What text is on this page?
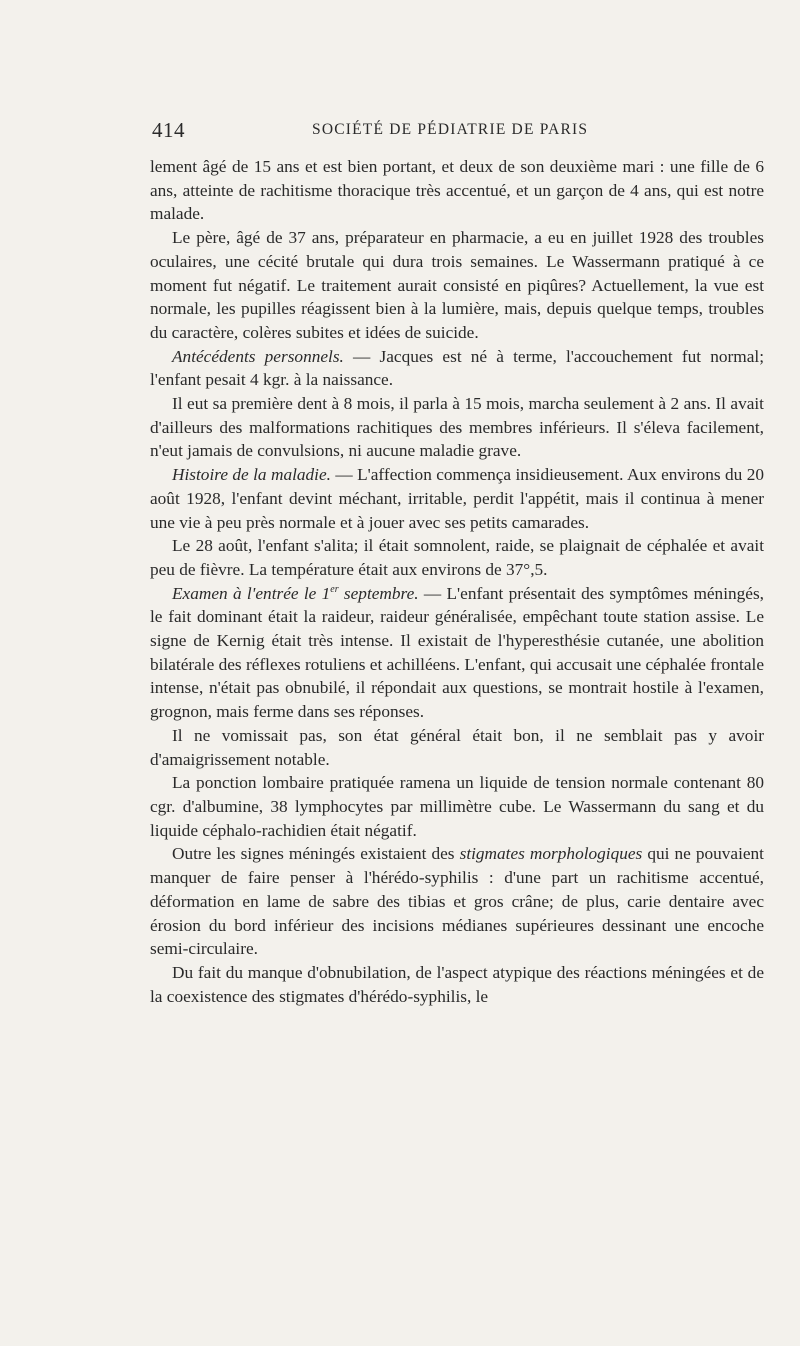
414	SOCIÉTÉ DE PÉDIATRIE DE PARIS

lement âgé de 15 ans et est bien portant, et deux de son deuxième mari : une fille de 6 ans, atteinte de rachitisme thoracique très accentué, et un garçon de 4 ans, qui est notre malade.

Le père, âgé de 37 ans, préparateur en pharmacie, a eu en juillet 1928 des troubles oculaires, une cécité brutale qui dura trois semaines. Le Wassermann pratiqué à ce moment fut négatif. Le traitement aurait consisté en piqûres? Actuellement, la vue est normale, les pupilles réagissent bien à la lumière, mais, depuis quelque temps, troubles du caractère, colères subites et idées de suicide.

Antécédents personnels. — Jacques est né à terme, l'accouchement fut normal; l'enfant pesait 4 kgr. à la naissance.

Il eut sa première dent à 8 mois, il parla à 15 mois, marcha seulement à 2 ans. Il avait d'ailleurs des malformations rachitiques des membres inférieurs. Il s'éleva facilement, n'eut jamais de convulsions, ni aucune maladie grave.

Histoire de la maladie. — L'affection commença insidieusement. Aux environs du 20 août 1928, l'enfant devint méchant, irritable, perdit l'appétit, mais il continua à mener une vie à peu près normale et à jouer avec ses petits camarades.

Le 28 août, l'enfant s'alita; il était somnolent, raide, se plaignait de céphalée et avait peu de fièvre. La température était aux environs de 37°,5.

Examen à l'entrée le 1er septembre. — L'enfant présentait des symptômes méningés, le fait dominant était la raideur, raideur généralisée, empêchant toute station assise. Le signe de Kernig était très intense. Il existait de l'hyperesthésie cutanée, une abolition bilatérale des réflexes rotuliens et achilléens. L'enfant, qui accusait une céphalée frontale intense, n'était pas obnubilé, il répondait aux questions, se montrait hostile à l'examen, grognon, mais ferme dans ses réponses.

Il ne vomissait pas, son état général était bon, il ne semblait pas y avoir d'amaigrissement notable.

La ponction lombaire pratiquée ramena un liquide de tension normale contenant 80 cgr. d'albumine, 38 lymphocytes par millimètre cube. Le Wassermann du sang et du liquide céphalo-rachidien était négatif.

Outre les signes méningés existaient des stigmates morphologiques qui ne pouvaient manquer de faire penser à l'hérédo-syphilis : d'une part un rachitisme accentué, déformation en lame de sabre des tibias et gros crâne; de plus, carie dentaire avec érosion du bord inférieur des incisions médianes supérieures dessinant une encoche semi-circulaire.

Du fait du manque d'obnubilation, de l'aspect atypique des réactions méningées et de la coexistence des stigmates d'hérédo-syphilis, le
